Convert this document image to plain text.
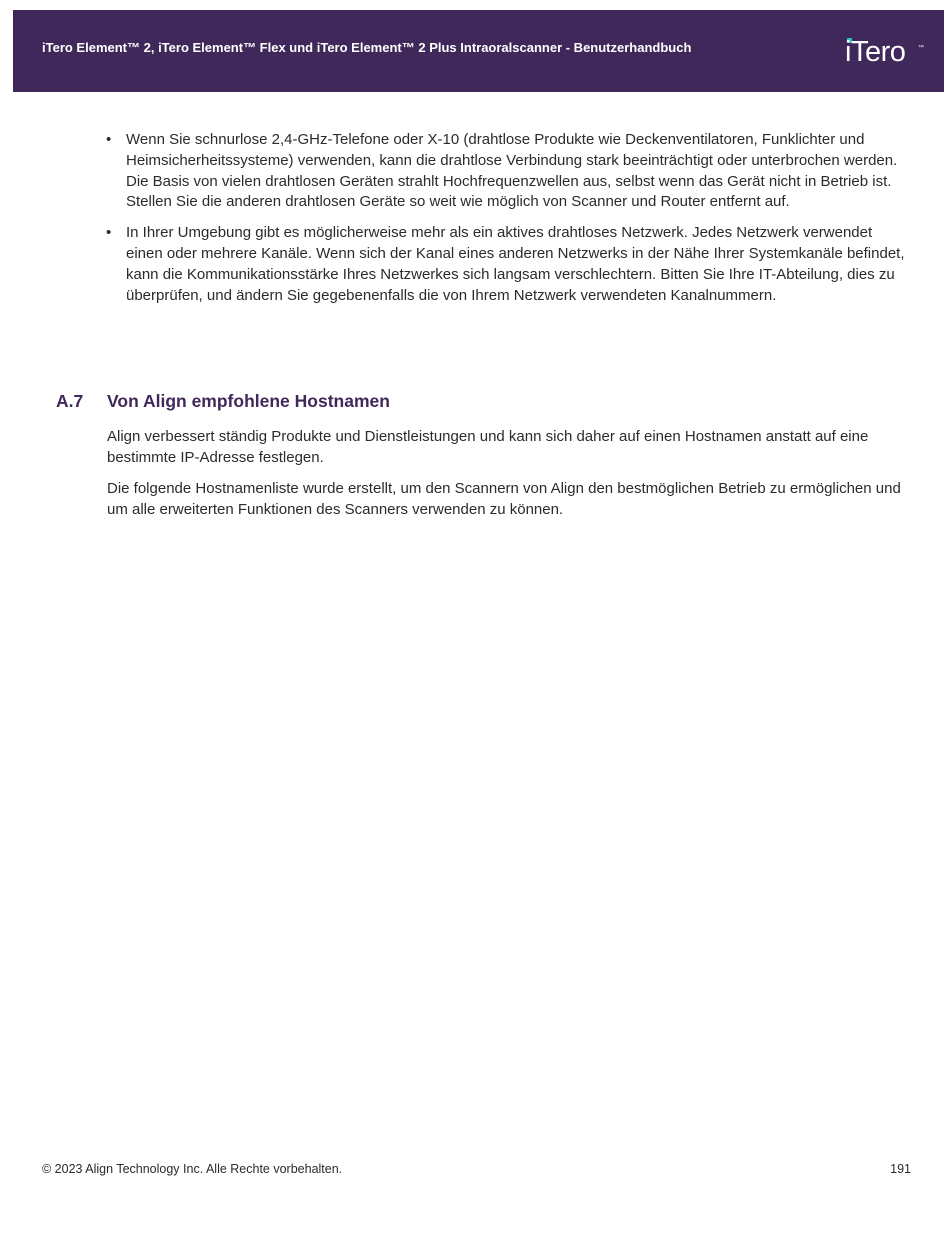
iTero Element™ 2, iTero Element™ Flex und iTero Element™ 2 Plus Intraoralscanner - Benutzerhandbuch	iTero ™
• Wenn Sie schnurlose 2,4-GHz-Telefone oder X-10 (drahtlose Produkte wie Deckenventilatoren, Funklichter und Heimsicherheitssysteme) verwenden, kann die drahtlose Verbindung stark beeinträchtigt oder unterbrochen werden. Die Basis von vielen drahtlosen Geräten strahlt Hochfrequenzwellen aus, selbst wenn das Gerät nicht in Betrieb ist. Stellen Sie die anderen drahtlosen Geräte so weit wie möglich von Scanner und Router entfernt auf.
• In Ihrer Umgebung gibt es möglicherweise mehr als ein aktives drahtloses Netzwerk. Jedes Netzwerk verwendet einen oder mehrere Kanäle. Wenn sich der Kanal eines anderen Netzwerks in der Nähe Ihrer Systemkanäle befindet, kann die Kommunikationsstärke Ihres Netzwerkes sich langsam verschlechtern. Bitten Sie Ihre IT-Abteilung, dies zu überprüfen, und ändern Sie gegebenenfalls die von Ihrem Netzwerk verwendeten Kanalnummern.
A.7 Von Align empfohlene Hostnamen

Align verbessert ständig Produkte und Dienstleistungen und kann sich daher auf einen Hostnamen anstatt auf eine bestimmte IP-Adresse festlegen.

Die folgende Hostnamenliste wurde erstellt, um den Scannern von Align den bestmöglichen Betrieb zu ermöglichen und um alle erweiterten Funktionen des Scanners verwenden zu können.

© 2023 Align Technology Inc. Alle Rechte vorbehalten.	191
